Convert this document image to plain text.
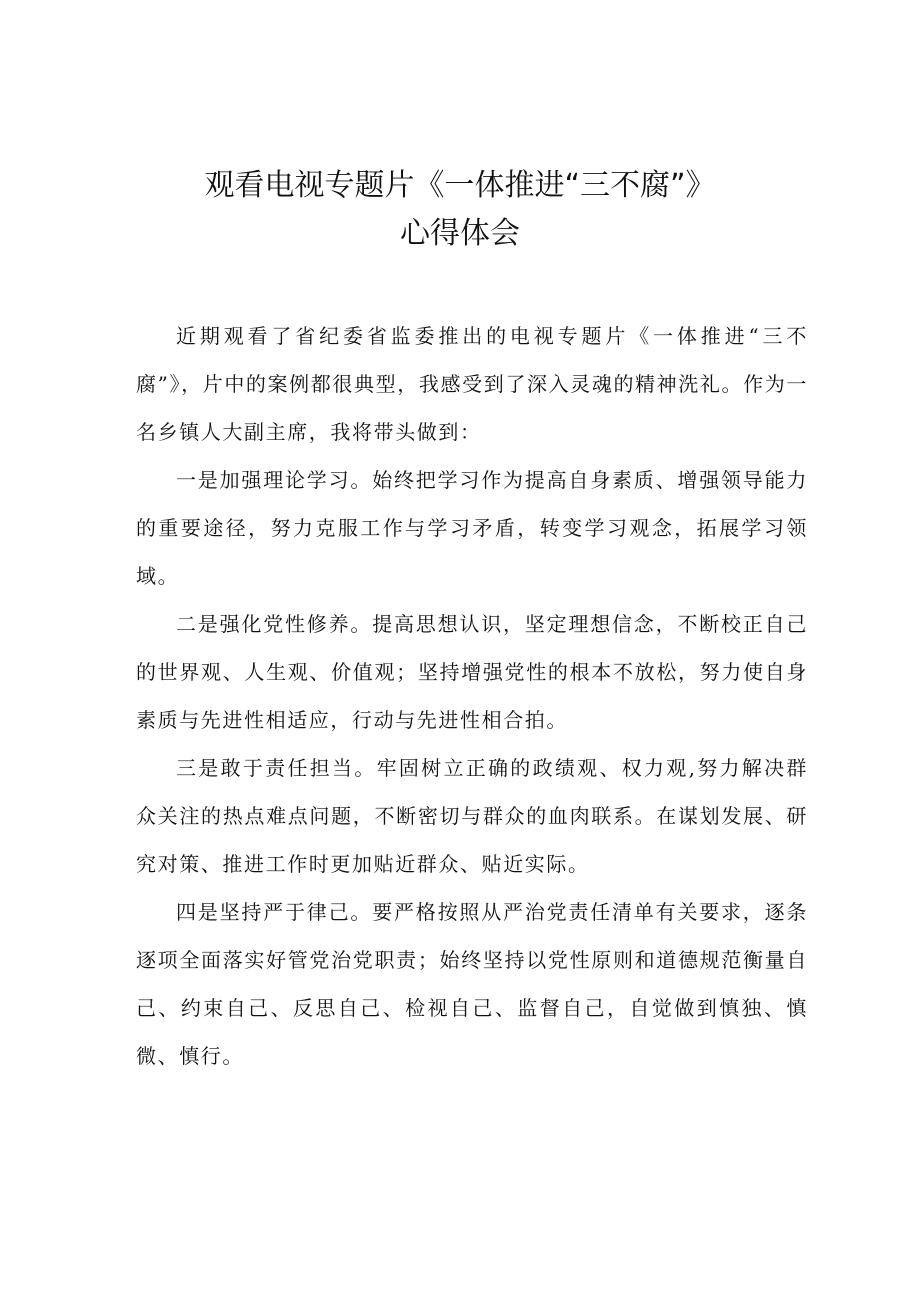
观看电视专题片《一体推进“三不腐”》
心得体会

近期观看了省纪委省监委推出的电视专题片《一体推进“三不腐”》，片中的案例都很典型，我感受到了深入灵魂的精神洗礼。作为一名乡镇人大副主席，我将带头做到：

一是加强理论学习。始终把学习作为提高自身素质、增强领导能力的重要途径，努力克服工作与学习矛盾，转变学习观念，拓展学习领域。

二是强化党性修养。提高思想认识，坚定理想信念，不断校正自己的世界观、人生观、价值观；坚持增强党性的根本不放松，努力使自身素质与先进性相适应，行动与先进性相合拍。

三是敢于责任担当。牢固树立正确的政绩观、权力观,努力解决群众关注的热点难点问题，不断密切与群众的血肉联系。在谋划发展、研究对策、推进工作时更加贴近群众、贴近实际。

四是坚持严于律己。要严格按照从严治党责任清单有关要求，逐条逐项全面落实好管党治党职责；始终坚持以党性原则和道德规范衡量自己、约束自己、反思自己、检视自己、监督自己，自觉做到慎独、慎微、慎行。
